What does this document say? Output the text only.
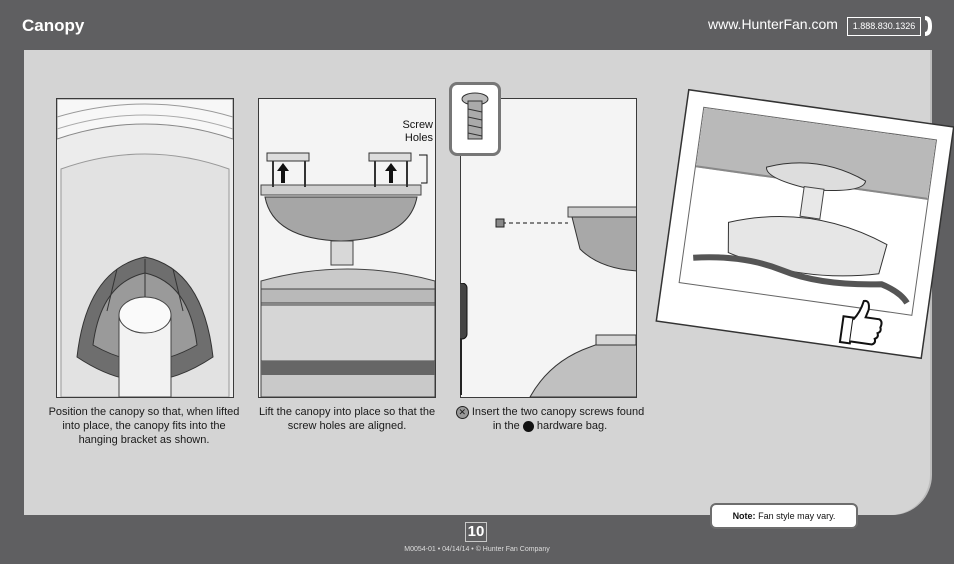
Canopy	www.HunterFan.com	1.888.830.1326
Position the canopy so that, when lifted into place, the canopy fits into the hanging bracket as shown.
Screw Holes
Lift the canopy into place so that the screw holes are aligned.
✕ Insert the two canopy screws found in the hardware bag.
Note: Fan style may vary.
10
M0054-01 • 04/14/14 • © Hunter Fan Company
